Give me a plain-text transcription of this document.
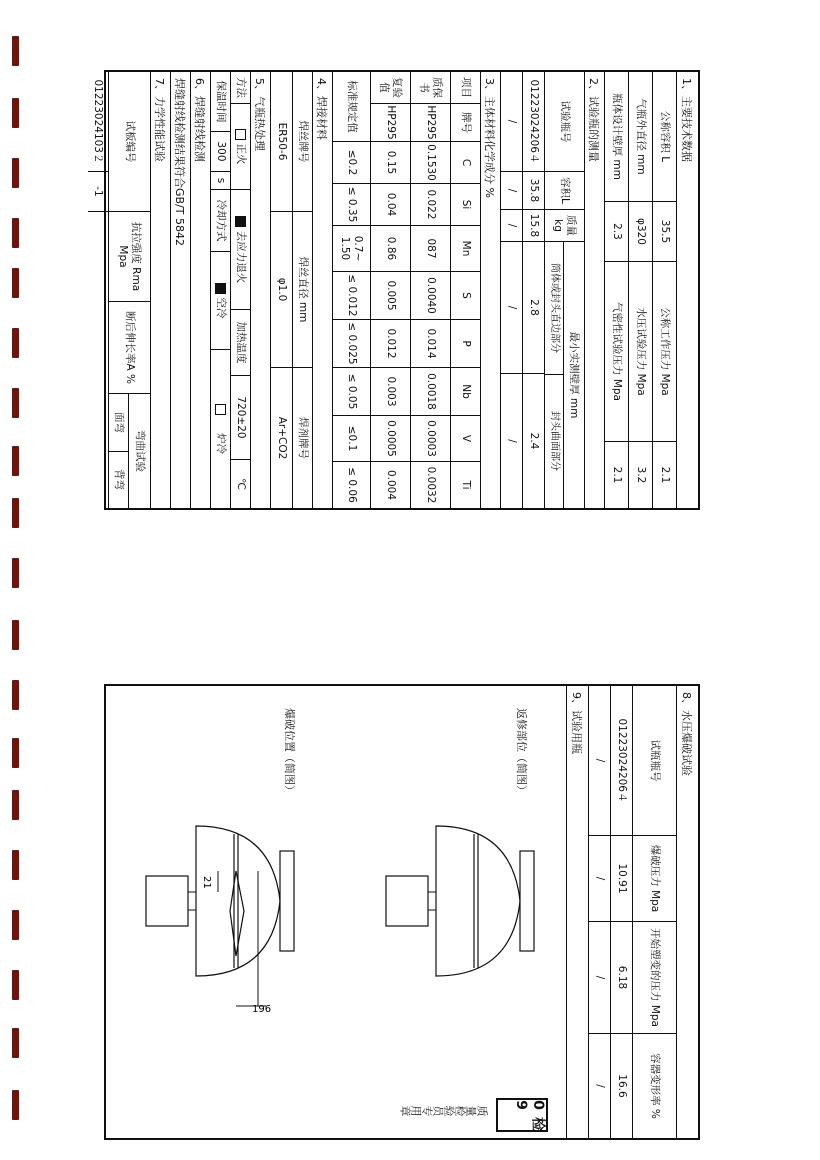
1、主要技术数据
公称容积 L
35.5
公称工作压力 Mpa
2.1
气瓶外直径 mm
φ320
水压试验压力 Mpa
3.2
瓶体设计壁厚 mm
2.3
气密性试验压力 Mpa
2.1
2、试验瓶的测量
试验瓶号
容积L
质量 kg
最小实测壁厚 mm
筒体或封头直边部分
封头曲面部分
01223024206４
35.8
15.8
2.8
2.4
/
/
/
/
/
3、主体材料化学成分 %
项目
牌号
C
Si
Mn
S
P
Nb
V
Ti
质保书
HP295
0.1530
0.022
087
0.0040
0.014
0.0018
0.0003
0.0032
复验值
HP295
0.15
0.04
0.86
0.005
0.012
0.003
0.0005
0.004
标准规定值
≤0.2
≤ 0.35
0.7~ 1.50
≤ 0.012
≤ 0.025
≤ 0.05
≤0.1
≤ 0.06
4、焊接材料
焊丝牌号
焊丝直径 mm
焊剂牌号
ER50-6
φ1.0
Ar+CO2
5、气瓶热处理
方法
正火
去应力退火
加热温度
720±20
℃
保温时间
300
s
冷却方式
空冷
炉冷
6、焊缝射线检测
焊缝射线检测结果符合GB/T 5842
7、力学性能试验
试板编号
抗拉强度 Rma Mpa
断后伸长率A %
弯曲试验
面弯
背弯
01223024103２
-1
8、水压爆破试验
试瓶瓶号
爆破压力 Mpa
开始塑变的压力 Mpa
容器变形率 %
01223024206４
10.91
6.18
16.6
/
/
/
/
9、试验用瓶
返修部位（简图）
爆破位置（简图）
196
21
检09
质量检验员专用章
